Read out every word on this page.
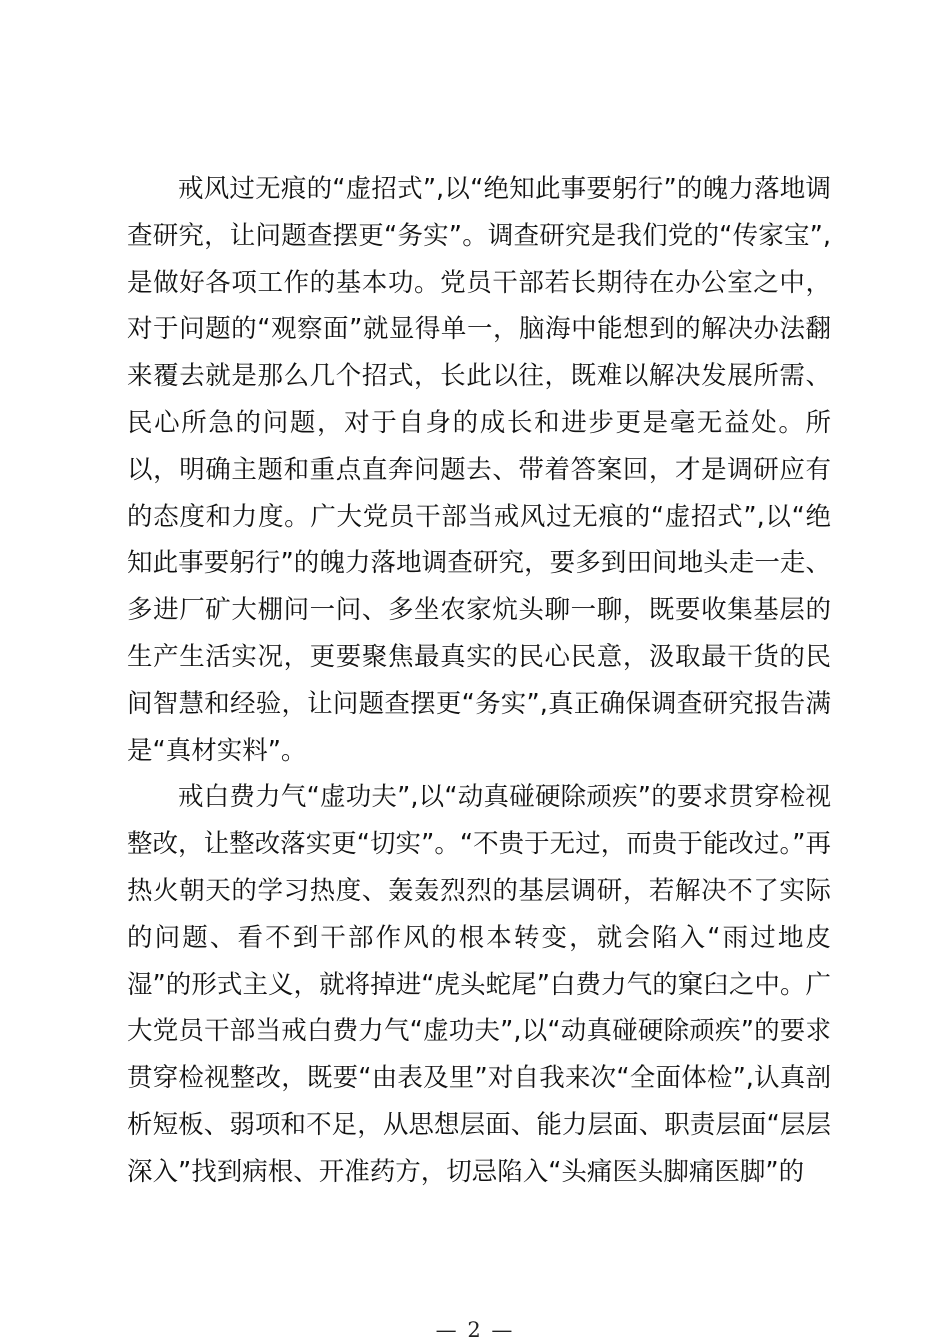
戒风过无痕的“虚招式”,以“绝知此事要躬行”的魄力落地调查研究，让问题查摆更“务实”。调查研究是我们党的“传家宝”,是做好各项工作的基本功。党员干部若长期待在办公室之中，对于问题的“观察面”就显得单一，脑海中能想到的解决办法翻来覆去就是那么几个招式，长此以往，既难以解决发展所需、民心所急的问题，对于自身的成长和进步更是毫无益处。所以，明确主题和重点直奔问题去、带着答案回，才是调研应有的态度和力度。广大党员干部当戒风过无痕的“虚招式”,以“绝知此事要躬行”的魄力落地调查研究，要多到田间地头走一走、多进厂矿大棚问一问、多坐农家炕头聊一聊，既要收集基层的生产生活实况，更要聚焦最真实的民心民意，汲取最干货的民间智慧和经验，让问题查摆更“务实”,真正确保调查研究报告满是“真材实料”。

戒白费力气“虚功夫”,以“动真碰硬除顽疾”的要求贯穿检视整改，让整改落实更“切实”。“不贵于无过，而贵于能改过。”再热火朝天的学习热度、轰轰烈烈的基层调研，若解决不了实际的问题、看不到干部作风的根本转变，就会陷入“雨过地皮湿”的形式主义，就将掉进“虎头蛇尾”白费力气的窠臼之中。广大党员干部当戒白费力气“虚功夫”,以“动真碰硬除顽疾”的要求贯穿检视整改，既要“由表及里”对自我来次“全面体检”,认真剖析短板、弱项和不足，从思想层面、能力层面、职责层面“层层深入”找到病根、开准药方，切忌陷入“头痛医头脚痛医脚”的

— 2 —
